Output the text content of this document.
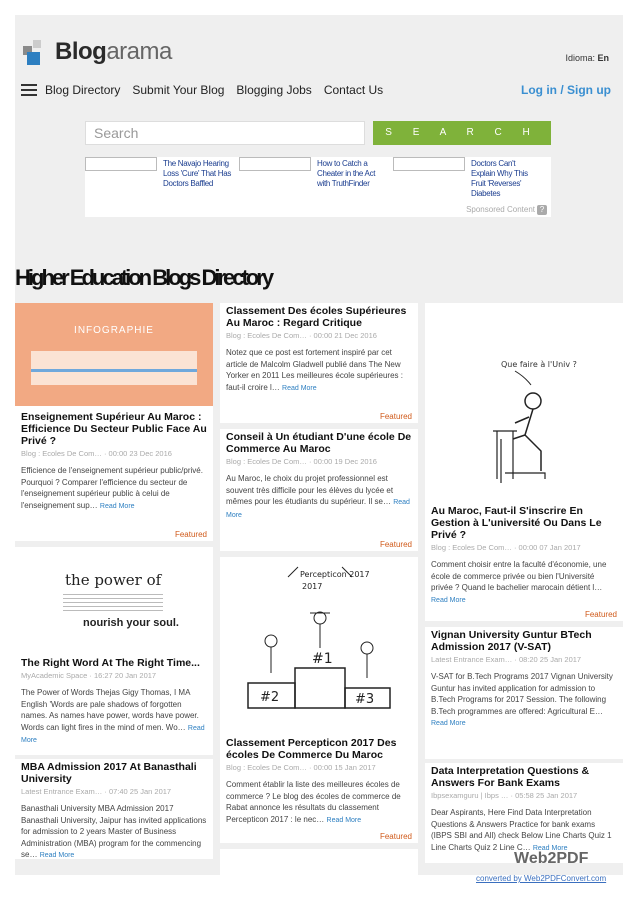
Blogarama	Idioma: En
Blog Directory Submit Your Blog Blogging Jobs Contact Us	Log in / Sign up
Search	S E A R C H
The Navajo Hearing Loss 'Cure' That Has Doctors Baffled
How to Catch a Cheater in the Act with TruthFinder
Doctors Can't Explain Why This Fruit 'Reverses' Diabetes
Sponsored Content ?
Higher Education Blogs Directory
INFOGRAPHIE
Enseignement Supérieur Au Maroc : Efficience Du Secteur Public Face Au Privé ?
Blog : Ecoles De Com… · 00:00 23 Dec 2016
Efficience de l'enseignement supérieur public/privé. Pourquoi ? Comparer l'efficience du secteur de l'enseignement supérieur public à celui de l'enseignement sup… Read More
Featured
the power of
nourish your soul.
The Right Word At The Right Time...
MyAcademic Space · 16:27 20 Jan 2017
The Power of Words Thejas Gigy Thomas, I MA English 'Words are pale shadows of forgotten names. As names have power, words have power. Words can light fires in the mind of men. Wo… Read More
MBA Admission 2017 At Banasthali University
Latest Entrance Exam… · 07:40 25 Jan 2017
Banasthali University MBA Admission 2017 Banasthali University, Jaipur has invited applications for admission to 2 years Master of Business Administration (MBA) program for the commencing se… Read More
Classement Des écoles Supérieures Au Maroc : Regard Critique
Blog : Ecoles De Com… · 00:00 21 Dec 2016
Notez que ce post est fortement inspiré par cet article de Malcolm Gladwell publié dans The New Yorker en 2011 Les meilleures école supérieures : faut-il croire l… Read More
Featured
Conseil à Un étudiant D'une école De Commerce Au Maroc
Blog : Ecoles De Com… · 00:00 19 Dec 2016
Au Maroc, le choix du projet professionnel est souvent très difficile pour les élèves du lycée et mêmes pour les étudiants du supérieur. Il se… Read More
Featured
Percepticon 2017
2017
#1
#2	#3
Classement Percepticon 2017 Des écoles De Commerce Du Maroc
Blog : Ecoles De Com… · 00:00 15 Jan 2017
Comment établir la liste des meilleures écoles de commerce ? Le blog des écoles de commerce de Rabat annonce les résultats du classement Percepticon 2017 : le nec… Read More
Featured
Que faire à l'Univ ?
Au Maroc, Faut-il S'inscrire En Gestion à L'université Ou Dans Le Privé ?
Blog : Ecoles De Com… · 00:00 07 Jan 2017
Comment choisir entre la faculté d'économie, une école de commerce privée ou bien l'Université privée ? Quand le bachelier marocain détient l… Read More
Featured
Vignan University Guntur BTech Admission 2017 (V-SAT)
Latest Entrance Exam… · 08:20 25 Jan 2017
V-SAT for B.Tech Programs 2017 Vignan University Guntur has invited application for admission to B.Tech Programs for 2017 Session. The following B.Tech programmes are offered: Agricultural E… Read More
Data Interpretation Questions & Answers For Bank Exams
Ibpsexamguru | Ibps … · 05:58 25 Jan 2017
Dear Aspirants, Here Find Data Interpretation Questions & Answers Practice for bank exams (IBPS SBI and All) check Below Line Charts Quiz 1 Line Charts Quiz 2 Line C… Read More
Web2PDF
converted by Web2PDFConvert.com
